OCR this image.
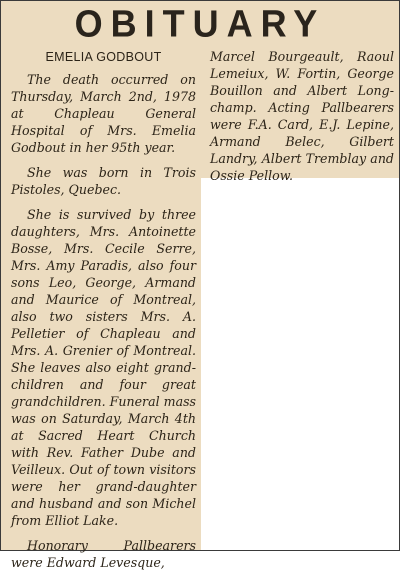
OBITUARY
EMELIA GODBOUT

The death occurred on Thursday, March 2nd, 1978 at Chapleau General Hospital of Mrs. Emelia Godbout in her 95th year.

She was born in Trois Pistoles, Quebec.

She is survived by three daughters, Mrs. Antoinette Bosse, Mrs. Cecile Serre, Mrs. Amy Paradis, also four sons Leo, George, Armand and Maurice of Montreal, also two sisters Mrs. A. Pelletier of Chapleau and Mrs. A. Grenier of Montreal. She leaves also eight grand-children and four great grandchildren. Funeral mass was on Saturday, March 4th at Sacred Heart Church with Rev. Father Dube and Veilleux. Out of town visitors were her grand-daughter and husband and son Michel from Elliot Lake.

Honorary Pallbearers were Edward Levesque,

Marcel Bourgeault, Raoul Lemeiux, W. Fortin, George Bouillon and Albert Long-champ. Acting Pallbearers were F.A. Card, E.J. Lepine, Armand Belec, Gilbert Landry, Albert Tremblay and Ossie Pellow.
